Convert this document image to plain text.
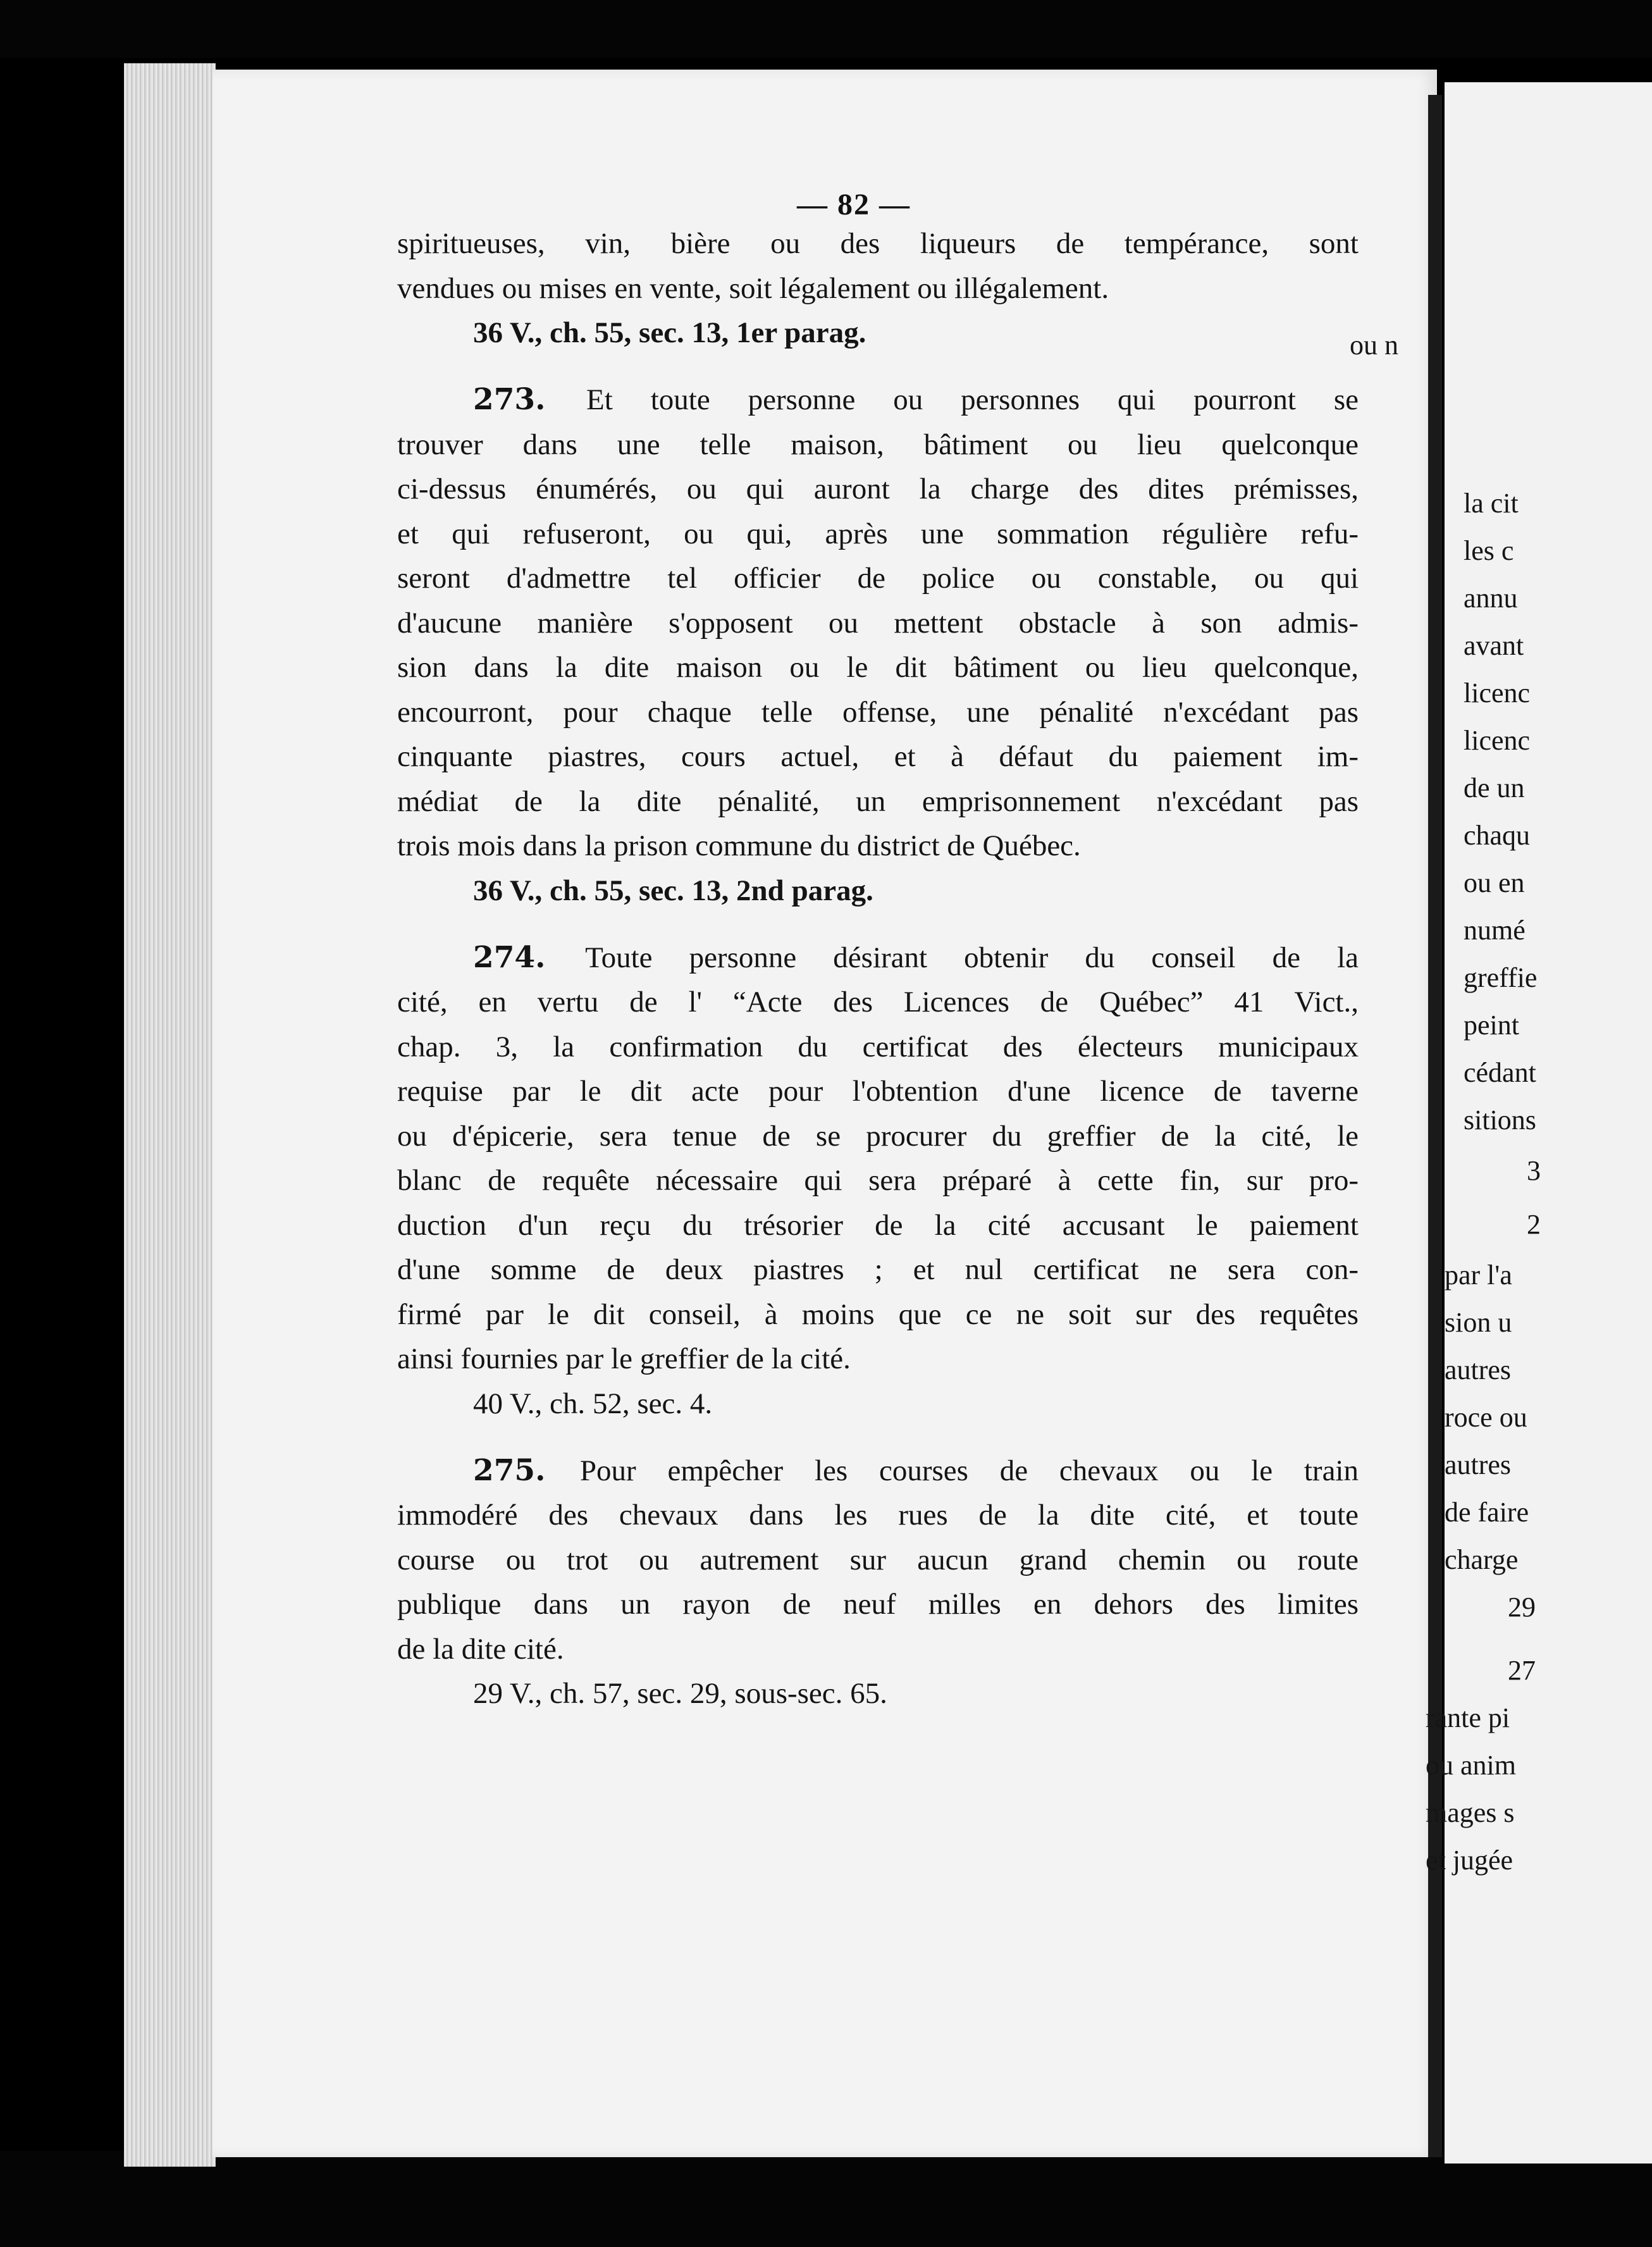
— 82 —
spiritueuses, vin, bière ou des liqueurs de tempérance, sont
vendues ou mises en vente, soit légalement ou illégalement.
36 V., ch. 55, sec. 13, 1er parag.
273. Et toute personne ou personnes qui pourront se
trouver dans une telle maison, bâtiment ou lieu quelconque
ci-dessus énumérés, ou qui auront la charge des dites prémisses,
et qui refuseront, ou qui, après une sommation régulière refu-
seront d'admettre tel officier de police ou constable, ou qui
d'aucune manière s'opposent ou mettent obstacle à son admis-
sion dans la dite maison ou le dit bâtiment ou lieu quelconque,
encourront, pour chaque telle offense, une pénalité n'excédant pas
cinquante piastres, cours actuel, et à défaut du paiement im-
médiat de la dite pénalité, un emprisonnement n'excédant pas
trois mois dans la prison commune du district de Québec.
36 V., ch. 55, sec. 13, 2nd parag.
274. Toute personne désirant obtenir du conseil de la
cité, en vertu de l' “Acte des Licences de Québec” 41 Vict.,
chap. 3, la confirmation du certificat des électeurs municipaux
requise par le dit acte pour l'obtention d'une licence de taverne
ou d'épicerie, sera tenue de se procurer du greffier de la cité, le
blanc de requête nécessaire qui sera préparé à cette fin, sur pro-
duction d'un reçu du trésorier de la cité accusant le paiement
d'une somme de deux piastres ; et nul certificat ne sera con-
firmé par le dit conseil, à moins que ce ne soit sur des requêtes
ainsi fournies par le greffier de la cité.
40 V., ch. 52, sec. 4.
275. Pour empêcher les courses de chevaux ou le train
immodéré des chevaux dans les rues de la dite cité, et toute
course ou trot ou autrement sur aucun grand chemin ou route
publique dans un rayon de neuf milles en dehors des limites
de la dite cité.
29 V., ch. 57, sec. 29, sous-sec. 65.
ou n
la cit
les c
annu
avant
licenc
licenc
de un
chaqu
ou en
numé
greffie
peint
cédant
sitions
3
2
par l'a
sion u
autres
roce ou
autres
de faire
charge
29
27
rante pi
ou anim
mages s
et jugée
